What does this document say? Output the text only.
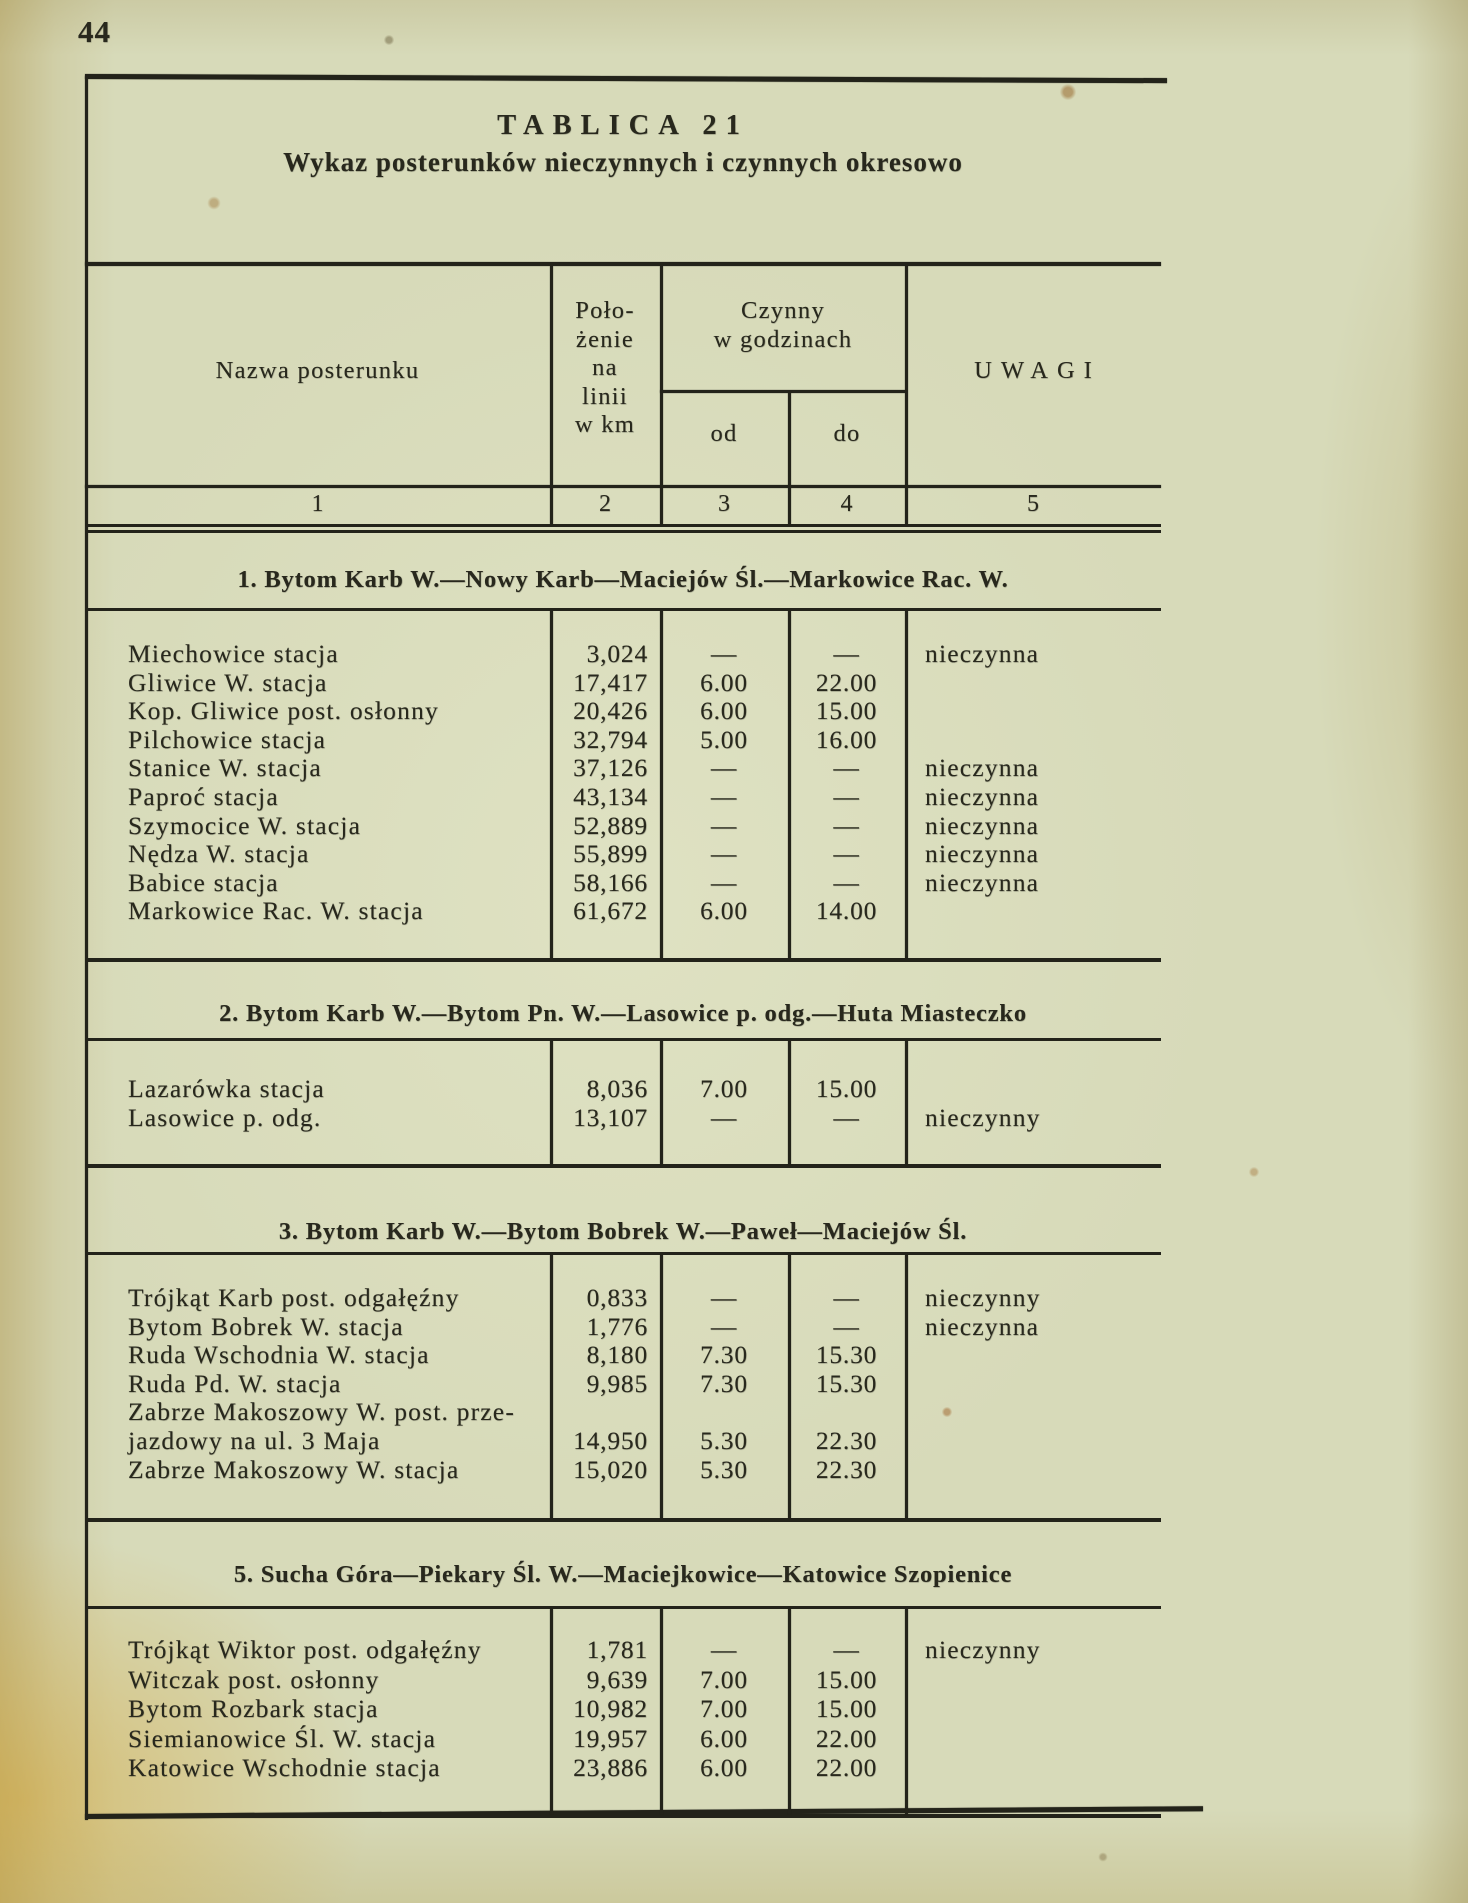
44
TABLICA 21
Wykaz posterunków nieczynnych i czynnych okresowo
Nazwa posterunku
Poło-
żenie
na
linii
w km
Czynny
w godzinach
od	do
UWAGI
1	2	3	4	5
1. Bytom Karb W.—Nowy Karb—Maciejów Śl.—Markowice Rac. W.
Miechowice stacja	3,024	—	—	nieczynna
Gliwice W. stacja	17,417	6.00	22.00
Kop. Gliwice post. osłonny	20,426	6.00	15.00
Pilchowice stacja	32,794	5.00	16.00
Stanice W. stacja	37,126	—	—	nieczynna
Paproć stacja	43,134	—	—	nieczynna
Szymocice W. stacja	52,889	—	—	nieczynna
Nędza W. stacja	55,899	—	—	nieczynna
Babice stacja	58,166	—	—	nieczynna
Markowice Rac. W. stacja	61,672	6.00	14.00
2. Bytom Karb W.—Bytom Pn. W.—Lasowice p. odg.—Huta Miasteczko
Lazarówka stacja	8,036	7.00	15.00
Lasowice p. odg.	13,107	—	—	nieczynny
3. Bytom Karb W.—Bytom Bobrek W.—Paweł—Maciejów Śl.
Trójkąt Karb post. odgałęźny	0,833	—	—	nieczynny
Bytom Bobrek W. stacja	1,776	—	—	nieczynna
Ruda Wschodnia W. stacja	8,180	7.30	15.30
Ruda Pd. W. stacja	9,985	7.30	15.30
Zabrze Makoszowy W. post. prze-
jazdowy na ul. 3 Maja	14,950	5.30	22.30
Zabrze Makoszowy W. stacja	15,020	5.30	22.30
5. Sucha Góra—Piekary Śl. W.—Maciejkowice—Katowice Szopienice
Trójkąt Wiktor post. odgałęźny	1,781	—	—	nieczynny
Witczak post. osłonny	9,639	7.00	15.00
Bytom Rozbark stacja	10,982	7.00	15.00
Siemianowice Śl. W. stacja	19,957	6.00	22.00
Katowice Wschodnie stacja	23,886	6.00	22.00
